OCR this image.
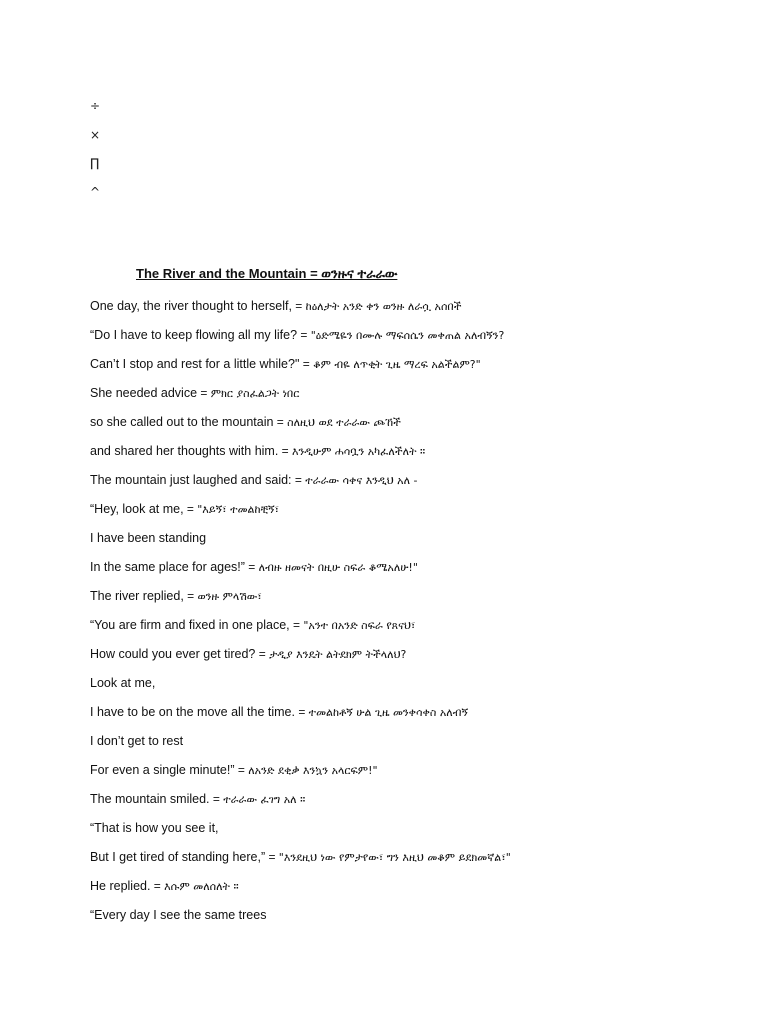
÷
×
∏
^
The River and the Mountain = ወንዙና ተራራው
One day, the river thought to herself, = ከዕለታት አንድ ቀን ወንዙ ለራሷ አሰበች
“Do I have to keep flowing all my life? = "ዕድሜዬን በሙሉ ማፍሰሴን መቀጠል አለብኝን?
Can’t I stop and rest for a little while?" = ቆም ብዬ ለጥቂት ጊዜ ማረፍ አልችልም?"
She needed advice = ምክር ያስፈልጋት ነበር
so she called out to the mountain = ስለዚህ ወደ ተራራው ጮኸች
and shared her thoughts with him. = እንዲሁም ሐሳቧን አካፈለችለት ።
The mountain just laughed and said: = ተራራው ሳቀና እንዲህ አለ -
“Hey, look at me, = "እይኝ፣ ተመልከቺኝ፣
I have been standing
In the same place for ages!” = ለብዙ ዘመናት በዚሁ ስፍራ ቆሜአለሁ!"
The river replied, = ወንዙ ምላሽው፣
“You are firm and fixed in one place, = "አንተ በአንድ ስፍራ የጸናህ፣
How could you ever get tired? = ታዲያ እንዴት ልትደክም ትችላለህ?
Look at me,
I have to be on the move all the time. = ተመልከቶኝ ሁል ጊዜ መንቀሳቀስ አለብኝ
I don’t get to rest
For even a single minute!” = ለአንድ ደቂቃ እንኳን አላርፍም!"
The mountain smiled. = ተራራው ፈገግ አለ ።
“That is how you see it,
But I get tired of standing here,” = "እንደዚህ ነው የምታየው፣ ግን እዚህ መቆም ይደክመኛል፣"
He replied. = እሱም መለሰለት ።
“Every day I see the same trees
